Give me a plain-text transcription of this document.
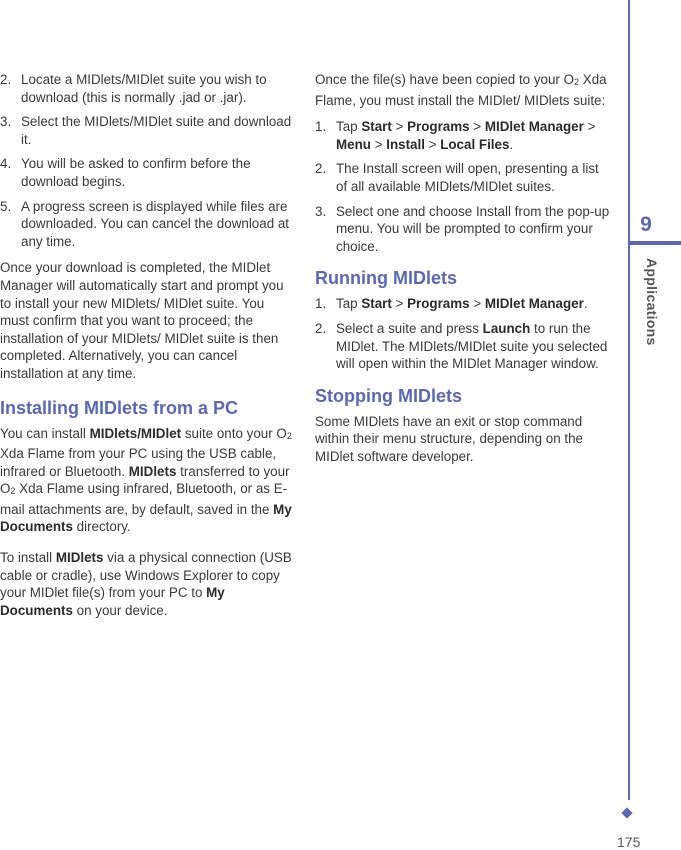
2. Locate a MIDlets/MIDlet suite you wish to download (this is normally .jad or .jar).
3. Select the MIDlets/MIDlet suite and download it.
4. You will be asked to confirm before the download begins.
5. A progress screen is displayed while files are downloaded. You can cancel the download at any time.

Once your download is completed, the MIDlet Manager will automatically start and prompt you to install your new MIDlets/ MIDlet suite. You must confirm that you want to proceed; the installation of your MIDlets/ MIDlet suite is then completed. Alternatively, you can cancel installation at any time.

Installing MIDlets from a PC

You can install MIDlets/MIDlet suite onto your $O_2$ Xda Flame from your PC using the USB cable, infrared or Bluetooth. MIDlets transferred to your $O_2$ Xda Flame using infrared, Bluetooth, or as E-mail attachments are, by default, saved in the My Documents directory.

To install MIDlets via a physical connection (USB cable or cradle), use Windows Explorer to copy your MIDlet file(s) from your PC to My Documents on your device.

Once the file(s) have been copied to your $O_2$ Xda Flame, you must install the MIDlet/ MIDlets suite:

1. Tap Start > Programs > MIDlet Manager > Menu > Install > Local Files.
2. The Install screen will open, presenting a list of all available MIDlets/MIDlet suites.
3. Select one and choose Install from the pop-up menu. You will be prompted to confirm your choice.
Running MIDlets
1. Tap Start > Programs > MIDlet Manager.
2. Select a suite and press Launch to run the MIDlet. The MIDlets/MIDlet suite you selected will open within the MIDlet Manager window.
Stopping MIDlets

Some MIDlets have an exit or stop command within their menu structure, depending on the MIDlet software developer.

9
Applications
175
